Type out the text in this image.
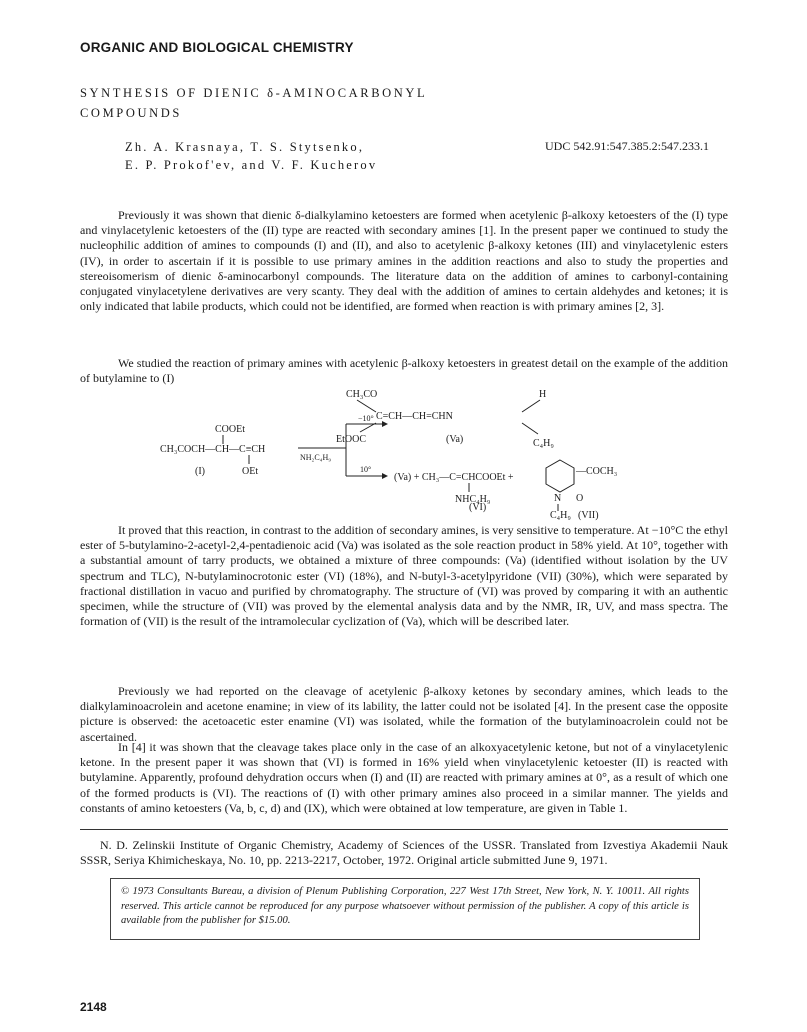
ORGANIC AND BIOLOGICAL CHEMISTRY
SYNTHESIS OF DIENIC δ-AMINOCARBONYL
COMPOUNDS
Zh. A. Krasnaya, T. S. Stytsenko,
E. P. Prokof'ev, and V. F. Kucherov
UDC 542.91:547.385.2:547.233.1

Previously it was shown that dienic δ-dialkylamino ketoesters are formed when acetylenic β-alkoxy ketoesters of the (I) type and vinylacetylenic ketoesters of the (II) type are reacted with secondary amines [1]. In the present paper we continued to study the nucleophilic addition of amines to compounds (I) and (II), and also to acetylenic β-alkoxy ketones (III) and vinylacetylenic esters (IV), in order to ascertain if it is possible to use primary amines in the addition reactions and also to study the properties and stereoisomerism of dienic δ-aminocarbonyl compounds. The literature data on the addition of amines to carbonyl-containing conjugated vinylacetylene derivatives are very scanty. They deal with the addition of amines to certain aldehydes and ketones; it is only indicated that labile products, which could not be identified, are formed when reaction is with primary amines [2, 3].

We studied the reaction of primary amines with acetylenic β-alkoxy ketoesters in greatest detail on the example of the addition of butylamine to (I)

COOEt
CH₃COCH—CH—C≡CH
OEt
(I)
NH₂C₄H₉
−10°
10°
CH₃CO
C=CH—CH=CHN
H
EtOOC	(Va)	C₄H₉
(Va) + CH₃—C=CHCOOEt +
NHC₄H₉
(VI)
—COCH₃
N O
C₄H₉ (VII)

It proved that this reaction, in contrast to the addition of secondary amines, is very sensitive to temperature. At −10°C the ethyl ester of 5-butylamino-2-acetyl-2,4-pentadienoic acid (Va) was isolated as the sole reaction product in 58% yield. At 10°, together with a substantial amount of tarry products, we obtained a mixture of three compounds: (Va) (identified without isolation by the UV spectrum and TLC), N-butylaminocrotonic ester (VI) (18%), and N-butyl-3-acetylpyridone (VII) (30%), which were separated by fractional distillation in vacuo and purified by chromatography. The structure of (VI) was proved by comparing it with an authentic specimen, while the structure of (VII) was proved by the elemental analysis data and by the NMR, IR, UV, and mass spectra. The formation of (VII) is the result of the intramolecular cyclization of (Va), which will be described later.

Previously we had reported on the cleavage of acetylenic β-alkoxy ketones by secondary amines, which leads to the dialkylaminoacrolein and acetone enamine; in view of its lability, the latter could not be isolated [4]. In the present case the opposite picture is observed: the acetoacetic ester enamine (VI) was isolated, while the formation of the butylaminoacrolein could not be ascertained.

In [4] it was shown that the cleavage takes place only in the case of an alkoxyacetylenic ketone, but not of a vinylacetylenic ketone. In the present paper it was shown that (VI) is formed in 16% yield when vinylacetylenic ketoester (II) is reacted with butylamine. Apparently, profound dehydration occurs when (I) and (II) are reacted with primary amines at 0°, as a result of which one of the formed products is (VI). The reactions of (I) with other primary amines also proceed in a similar manner. The yields and constants of amino ketoesters (Va, b, c, d) and (IX), which were obtained at low temperature, are given in Table 1.

N. D. Zelinskii Institute of Organic Chemistry, Academy of Sciences of the USSR. Translated from Izvestiya Akademii Nauk SSSR, Seriya Khimicheskaya, No. 10, pp. 2213-2217, October, 1972. Original article submitted June 9, 1971.

© 1973 Consultants Bureau, a division of Plenum Publishing Corporation, 227 West 17th Street, New York, N. Y. 10011. All rights reserved. This article cannot be reproduced for any purpose whatsoever without permission of the publisher. A copy of this article is available from the publisher for $15.00.
2148
